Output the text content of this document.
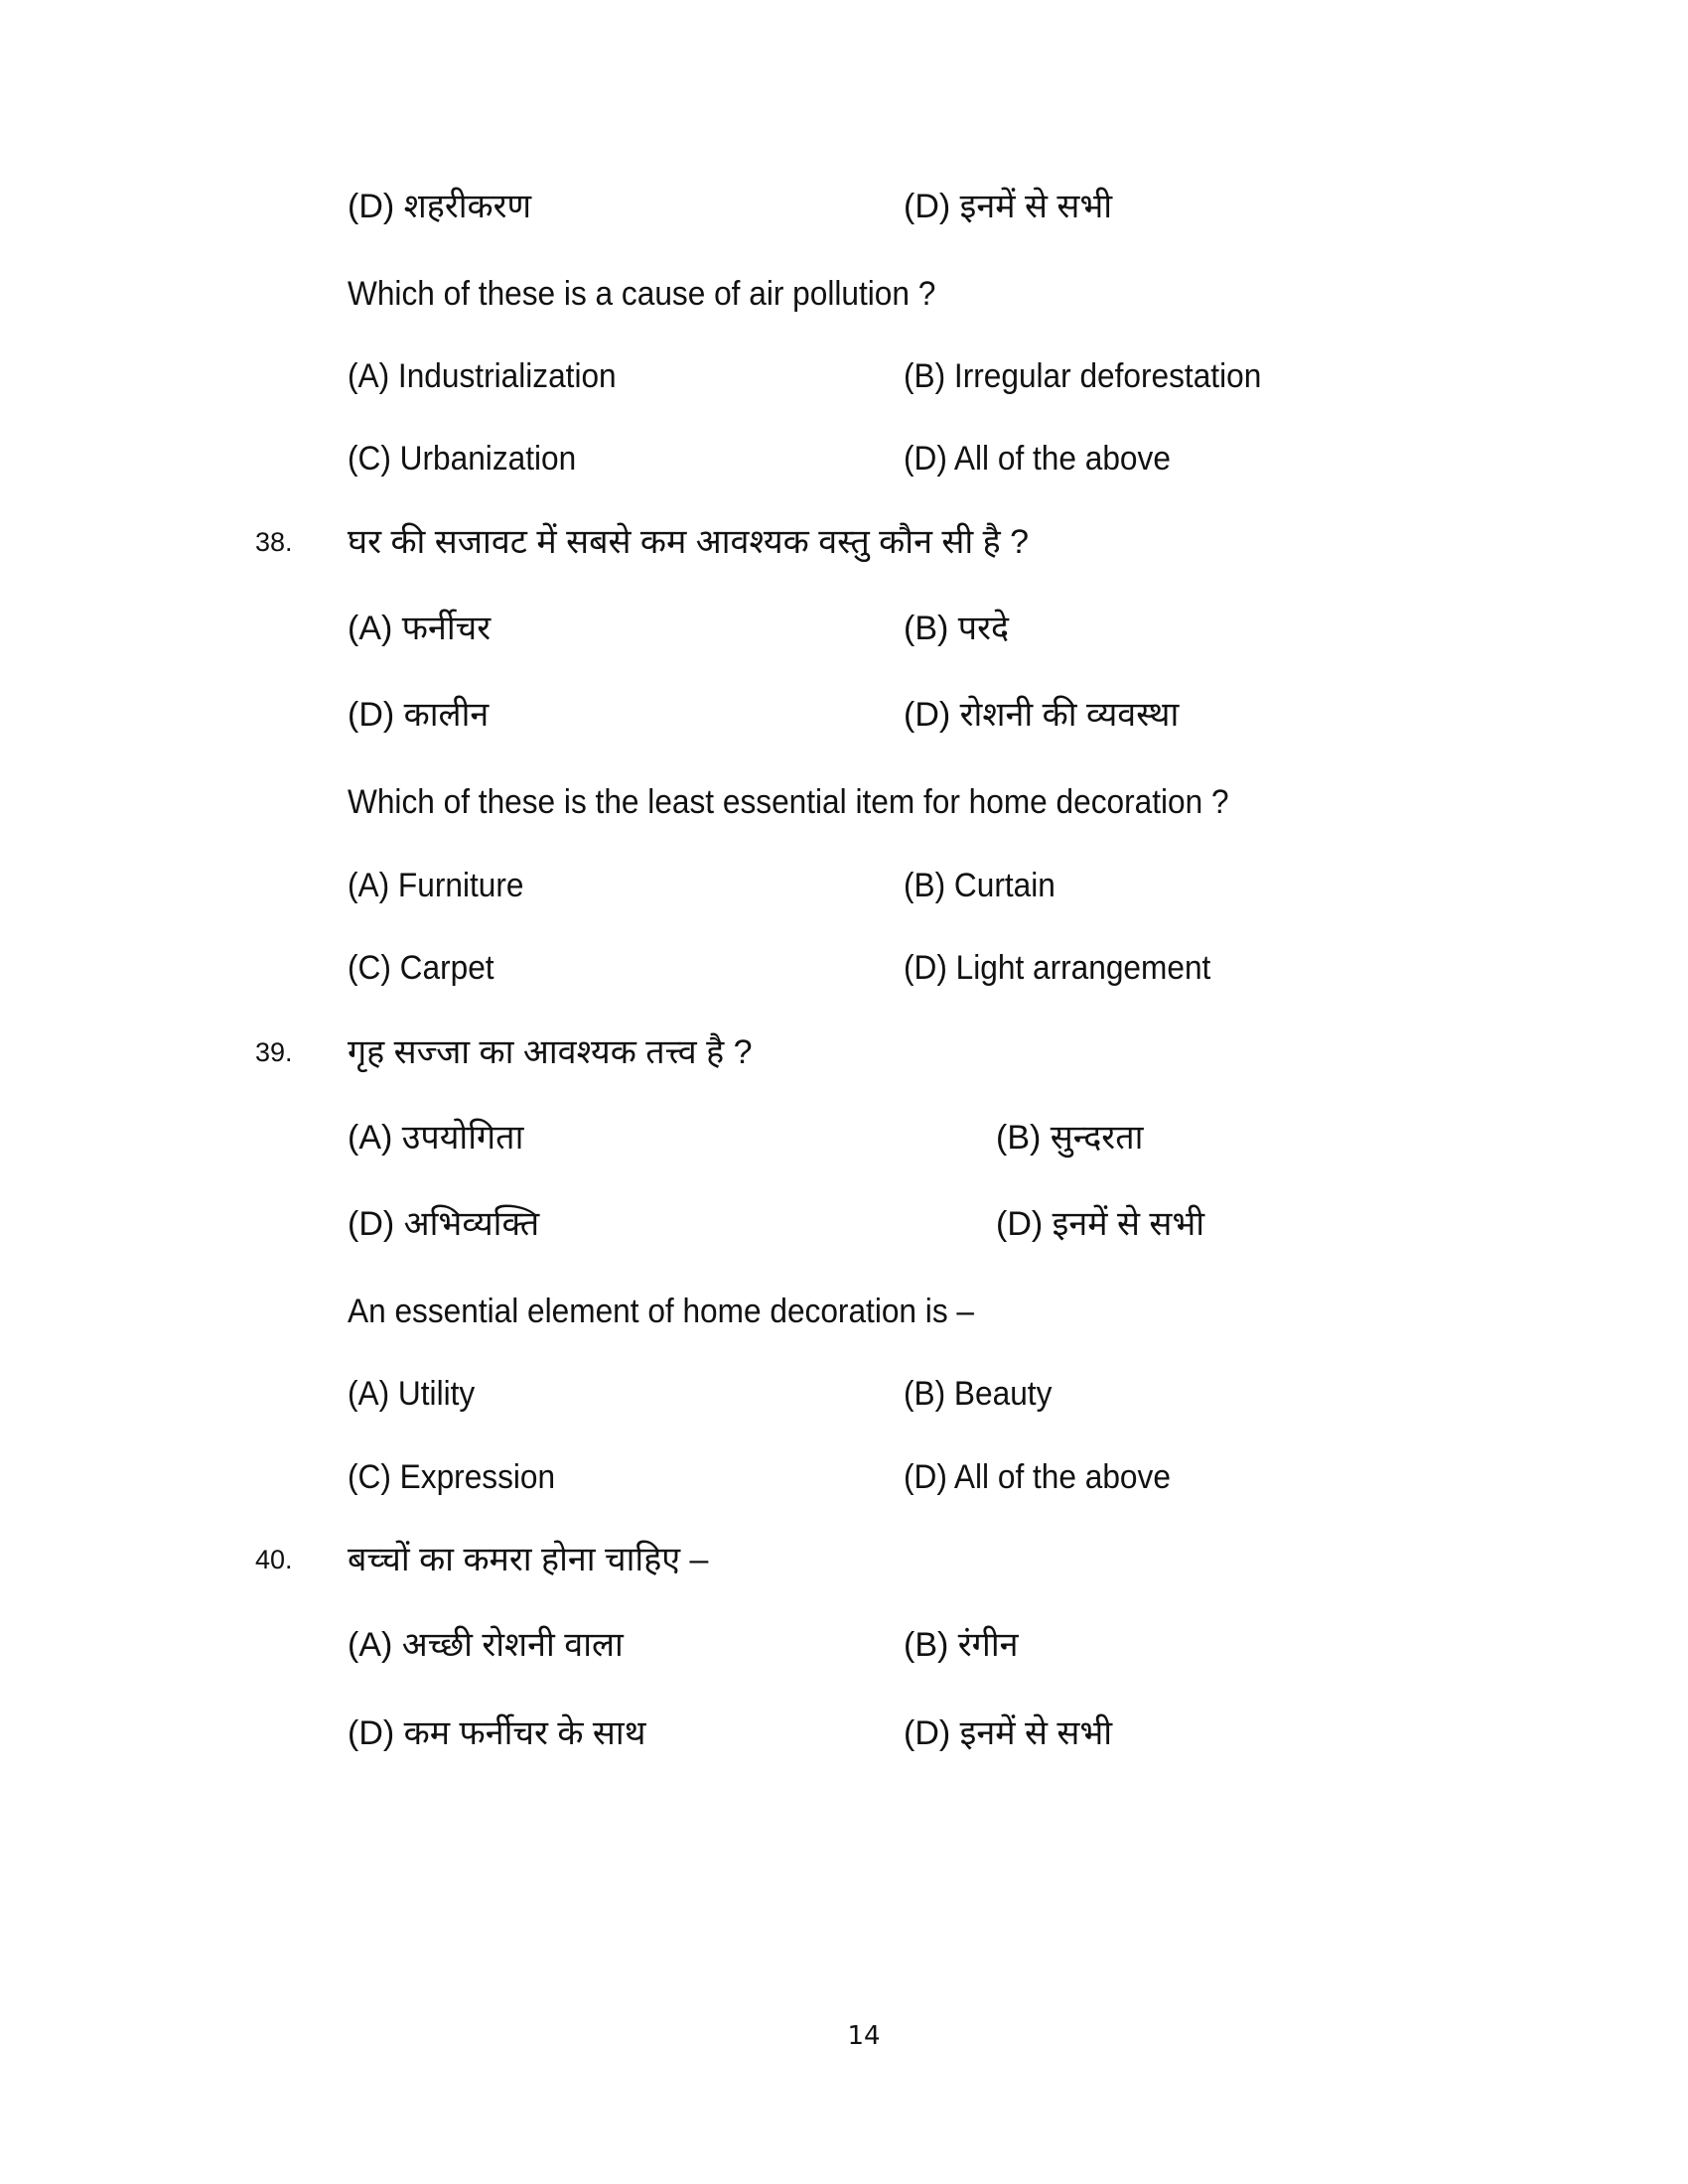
(D) शहरीकरण	(D) इनमें से सभी
Which of these is a cause of air pollution ?
(A) Industrialization	(B) Irregular deforestation
(C) Urbanization	(D) All of the above
38. घर की सजावट में सबसे कम आवश्यक वस्तु कौन सी है ?
(A) फर्नीचर	(B) परदे
(D) कालीन	(D) रोशनी की व्यवस्था
Which of these is the least essential item for home decoration ?
(A) Furniture	(B) Curtain
(C) Carpet	(D) Light arrangement
39. गृह सज्जा का आवश्यक तत्त्व है ?
(A) उपयोगिता	(B) सुन्दरता
(D) अभिव्यक्ति	(D) इनमें से सभी
An essential element of home decoration is –
(A) Utility	(B) Beauty
(C) Expression	(D) All of the above
40. बच्चों का कमरा होना चाहिए –
(A) अच्छी रोशनी वाला	(B) रंगीन
(D) कम फर्नीचर के साथ	(D) इनमें से सभी
14
